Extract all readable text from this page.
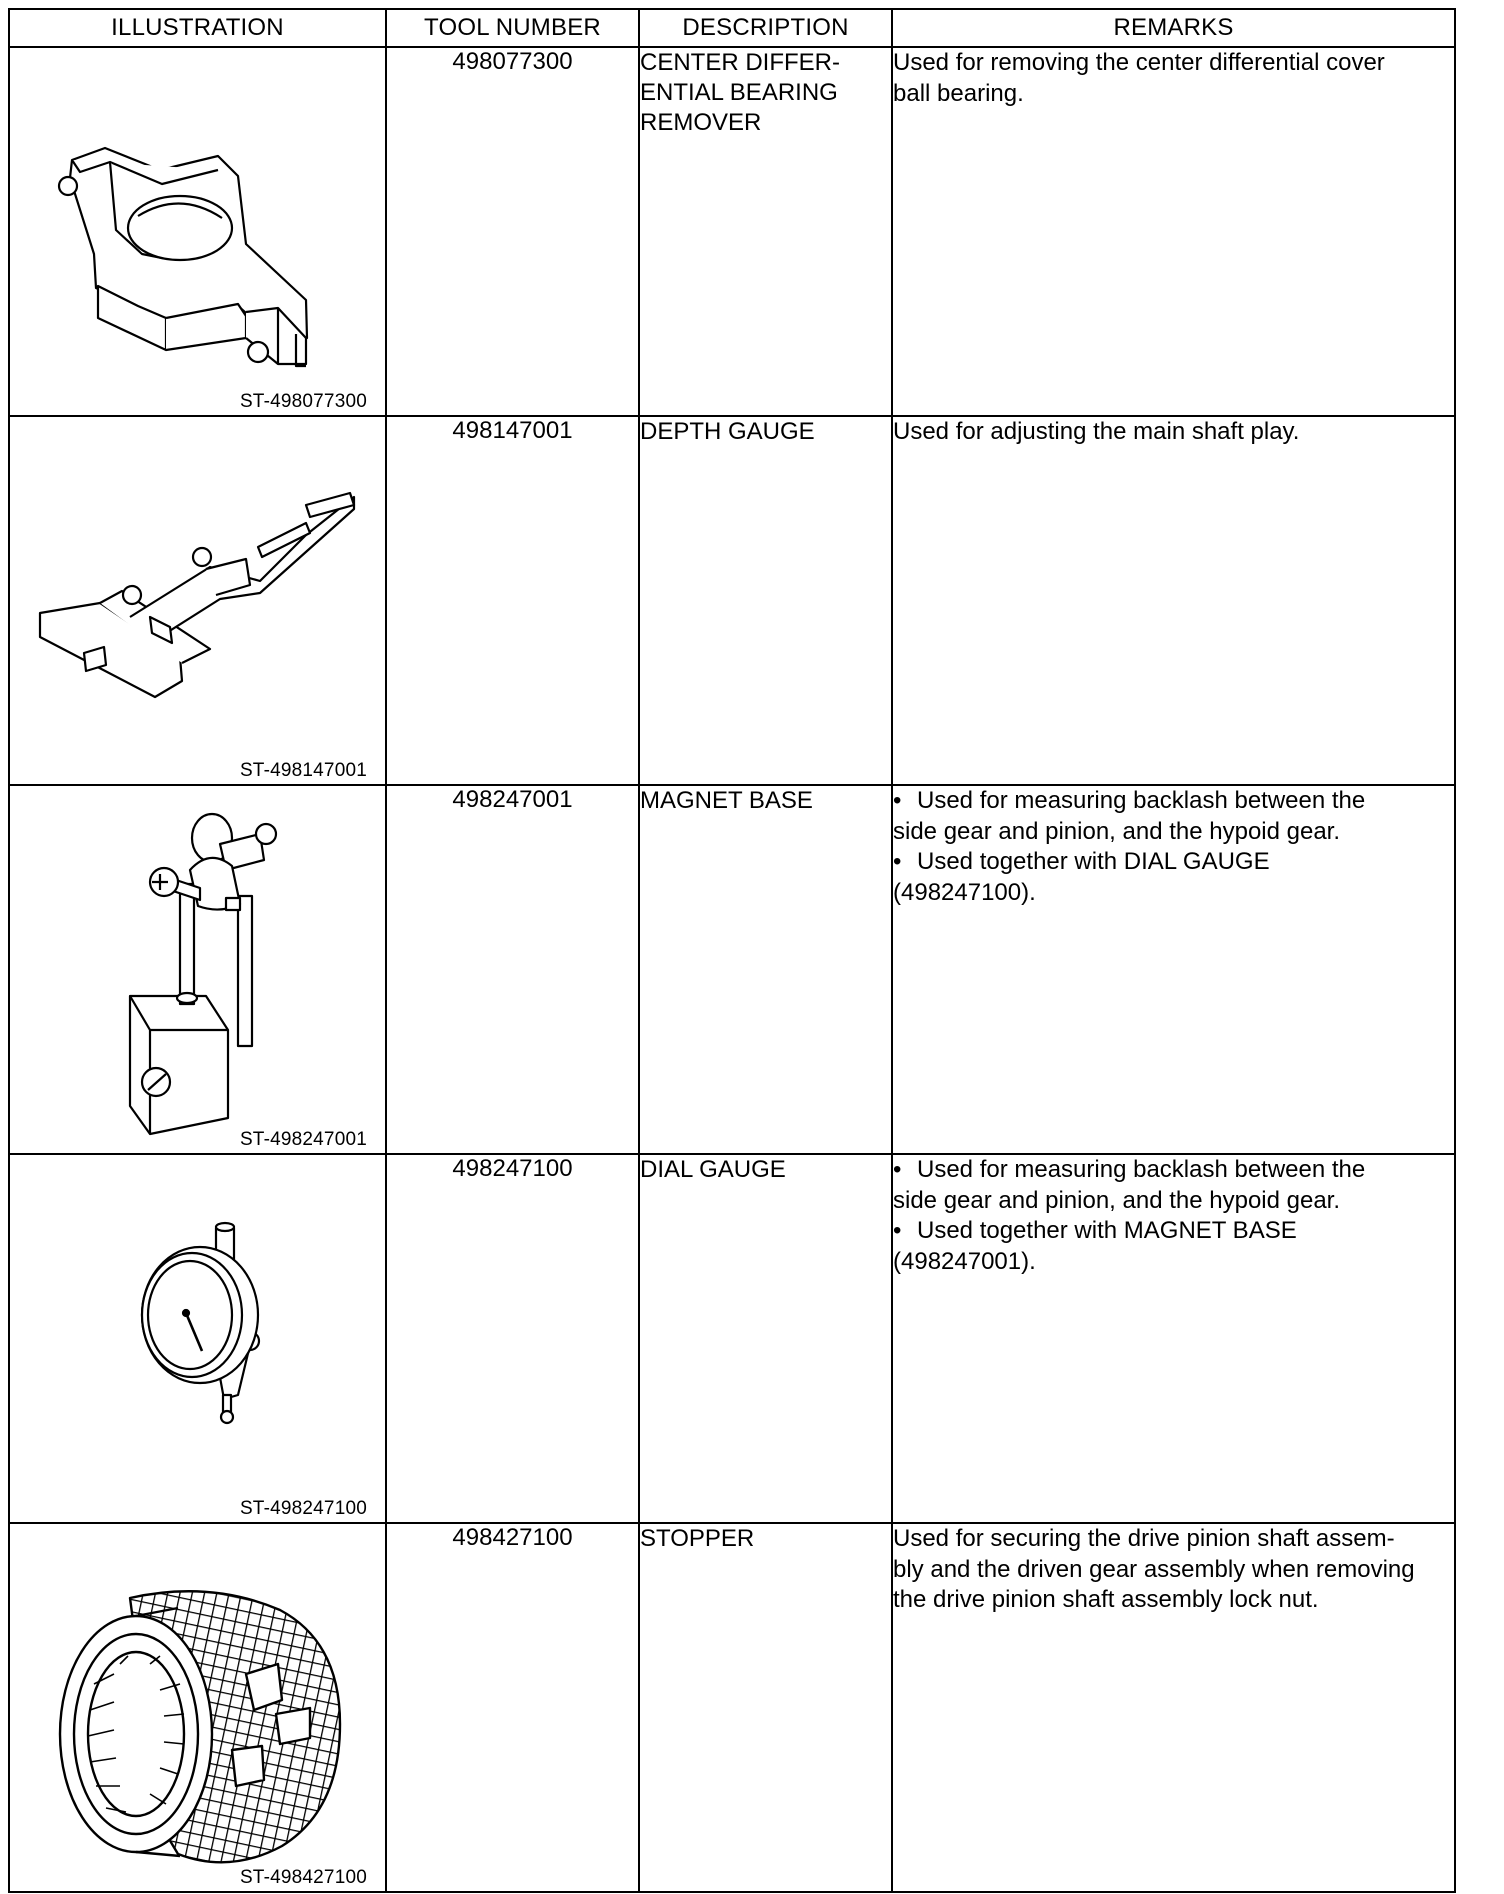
ILLUSTRATION	TOOL NUMBER	DESCRIPTION	REMARKS

ST-498077300	498077300	CENTER DIFFER-
ENTIAL BEARING
REMOVER	Used for removing the center differential cover
ball bearing.

ST-498147001	498147001	DEPTH GAUGE	Used for adjusting the main shaft play.

ST-498247001	498247001	MAGNET BASE	• Used for measuring backlash between the
side gear and pinion, and the hypoid gear.
• Used together with DIAL GAUGE
(498247100).

ST-498247100	498247100	DIAL GAUGE	• Used for measuring backlash between the
side gear and pinion, and the hypoid gear.
• Used together with MAGNET BASE
(498247001).

ST-498427100	498427100	STOPPER	Used for securing the drive pinion shaft assem-
bly and the driven gear assembly when removing
the drive pinion shaft assembly lock nut.
